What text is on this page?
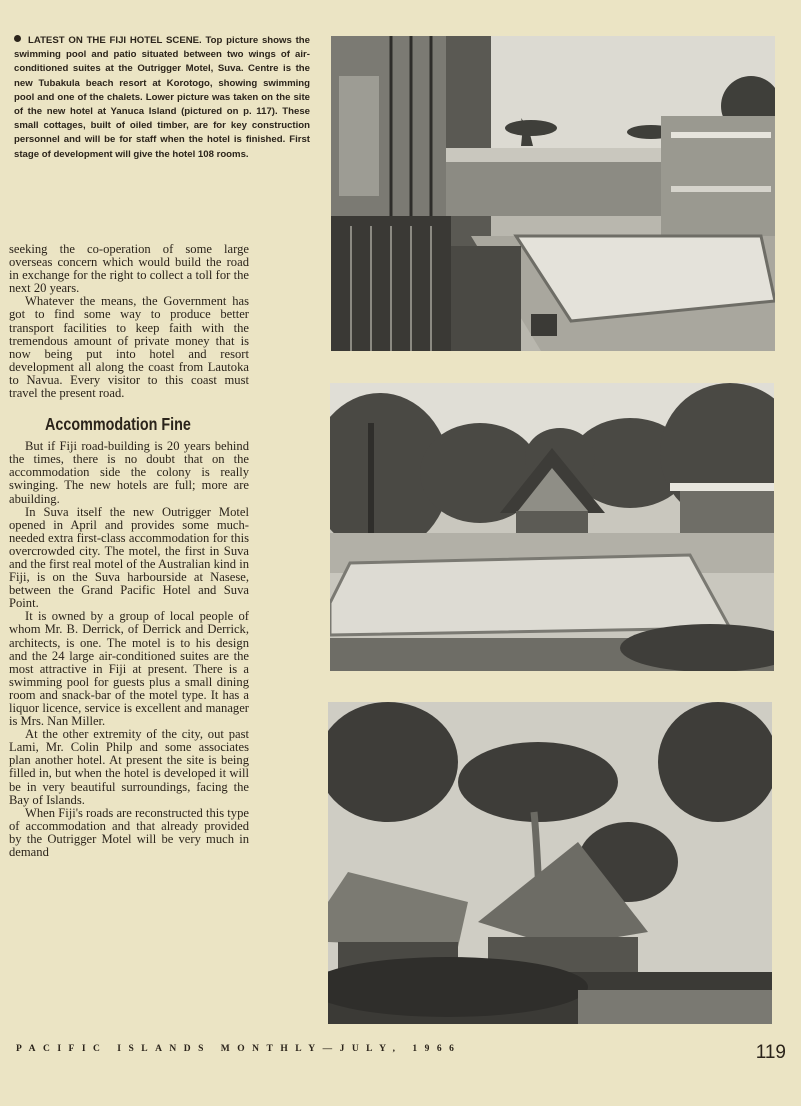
LATEST ON THE FIJI HOTEL SCENE. Top picture shows the swimming pool and patio situated between two wings of air-conditioned suites at the Outrigger Motel, Suva. Centre is the new Tubakula beach resort at Korotogo, showing swimming pool and one of the chalets. Lower picture was taken on the site of the new hotel at Yanuca Island (pictured on p. 117). These small cottages, built of oiled timber, are for key construction personnel and will be for staff when the hotel is finished. First stage of development will give the hotel 108 rooms.

seeking the co-operation of some large overseas concern which would build the road in exchange for the right to collect a toll for the next 20 years.

Whatever the means, the Government has got to find some way to produce better transport facilities to keep faith with the tremendous amount of private money that is now being put into hotel and resort development all along the coast from Lautoka to Navua. Every visitor to this coast must travel the present road.

Accommodation Fine

But if Fiji road-building is 20 years behind the times, there is no doubt that on the accommodation side the colony is really swinging. The new hotels are full; more are abuilding.

In Suva itself the new Outrigger Motel opened in April and provides some much-needed extra first-class accommodation for this overcrowded city. The motel, the first in Suva and the first real motel of the Australian kind in Fiji, is on the Suva harbourside at Nasese, between the Grand Pacific Hotel and Suva Point.

It is owned by a group of local people of whom Mr. B. Derrick, of Derrick and Derrick, architects, is one. The motel is to his design and the 24 large air-conditioned suites are the most attractive in Fiji at present. There is a swimming pool for guests plus a small dining room and snack-bar of the motel type. It has a liquor licence, service is excellent and manager is Mrs. Nan Miller.

At the other extremity of the city, out past Lami, Mr. Colin Philp and some associates plan another hotel. At present the site is being filled in, but when the hotel is developed it will be in very beautiful surroundings, facing the Bay of Islands.

When Fiji's roads are reconstructed this type of accommodation and that already provided by the Outrigger Motel will be very much in demand

PACIFIC ISLANDS MONTHLY—JULY, 1966	119
